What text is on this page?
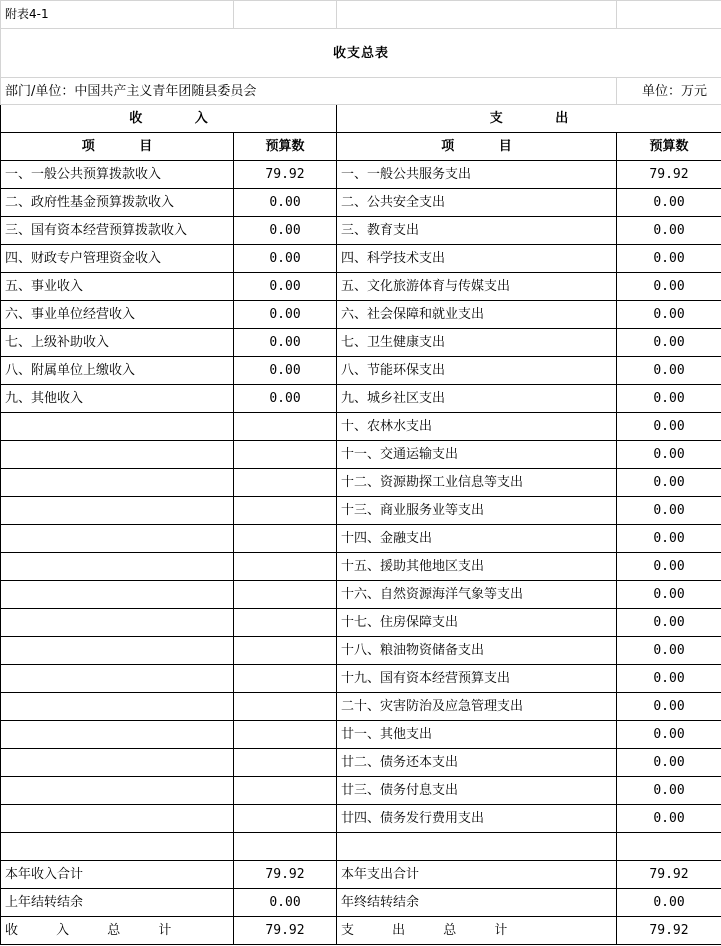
附表4-1			
收支总表			
部门/单位：中国共产主义青年团随县委员会			单位：万元
收 入		支 出	
项 目	预算数	项 目	预算数
一、一般公共预算拨款收入	79.92	一、一般公共服务支出	79.92
二、政府性基金预算拨款收入	0.00	二、公共安全支出	0.00
三、国有资本经营预算拨款收入	0.00	三、教育支出	0.00
四、财政专户管理资金收入	0.00	四、科学技术支出	0.00
五、事业收入	0.00	五、文化旅游体育与传媒支出	0.00
六、事业单位经营收入	0.00	六、社会保障和就业支出	0.00
七、上级补助收入	0.00	七、卫生健康支出	0.00
八、附属单位上缴收入	0.00	八、节能环保支出	0.00
九、其他收入	0.00	九、城乡社区支出	0.00
		十、农林水支出	0.00
		十一、交通运输支出	0.00
		十二、资源勘探工业信息等支出	0.00
		十三、商业服务业等支出	0.00
		十四、金融支出	0.00
		十五、援助其他地区支出	0.00
		十六、自然资源海洋气象等支出	0.00
		十七、住房保障支出	0.00
		十八、粮油物资储备支出	0.00
		十九、国有资本经营预算支出	0.00
		二十、灾害防治及应急管理支出	0.00
		廿一、其他支出	0.00
		廿二、债务还本支出	0.00
		廿三、债务付息支出	0.00
		廿四、债务发行费用支出	0.00

本年收入合计	79.92	本年支出合计	79.92
上年结转结余	0.00	年终结转结余	0.00
收 入 总 计	79.92	支 出 总 计	79.92
